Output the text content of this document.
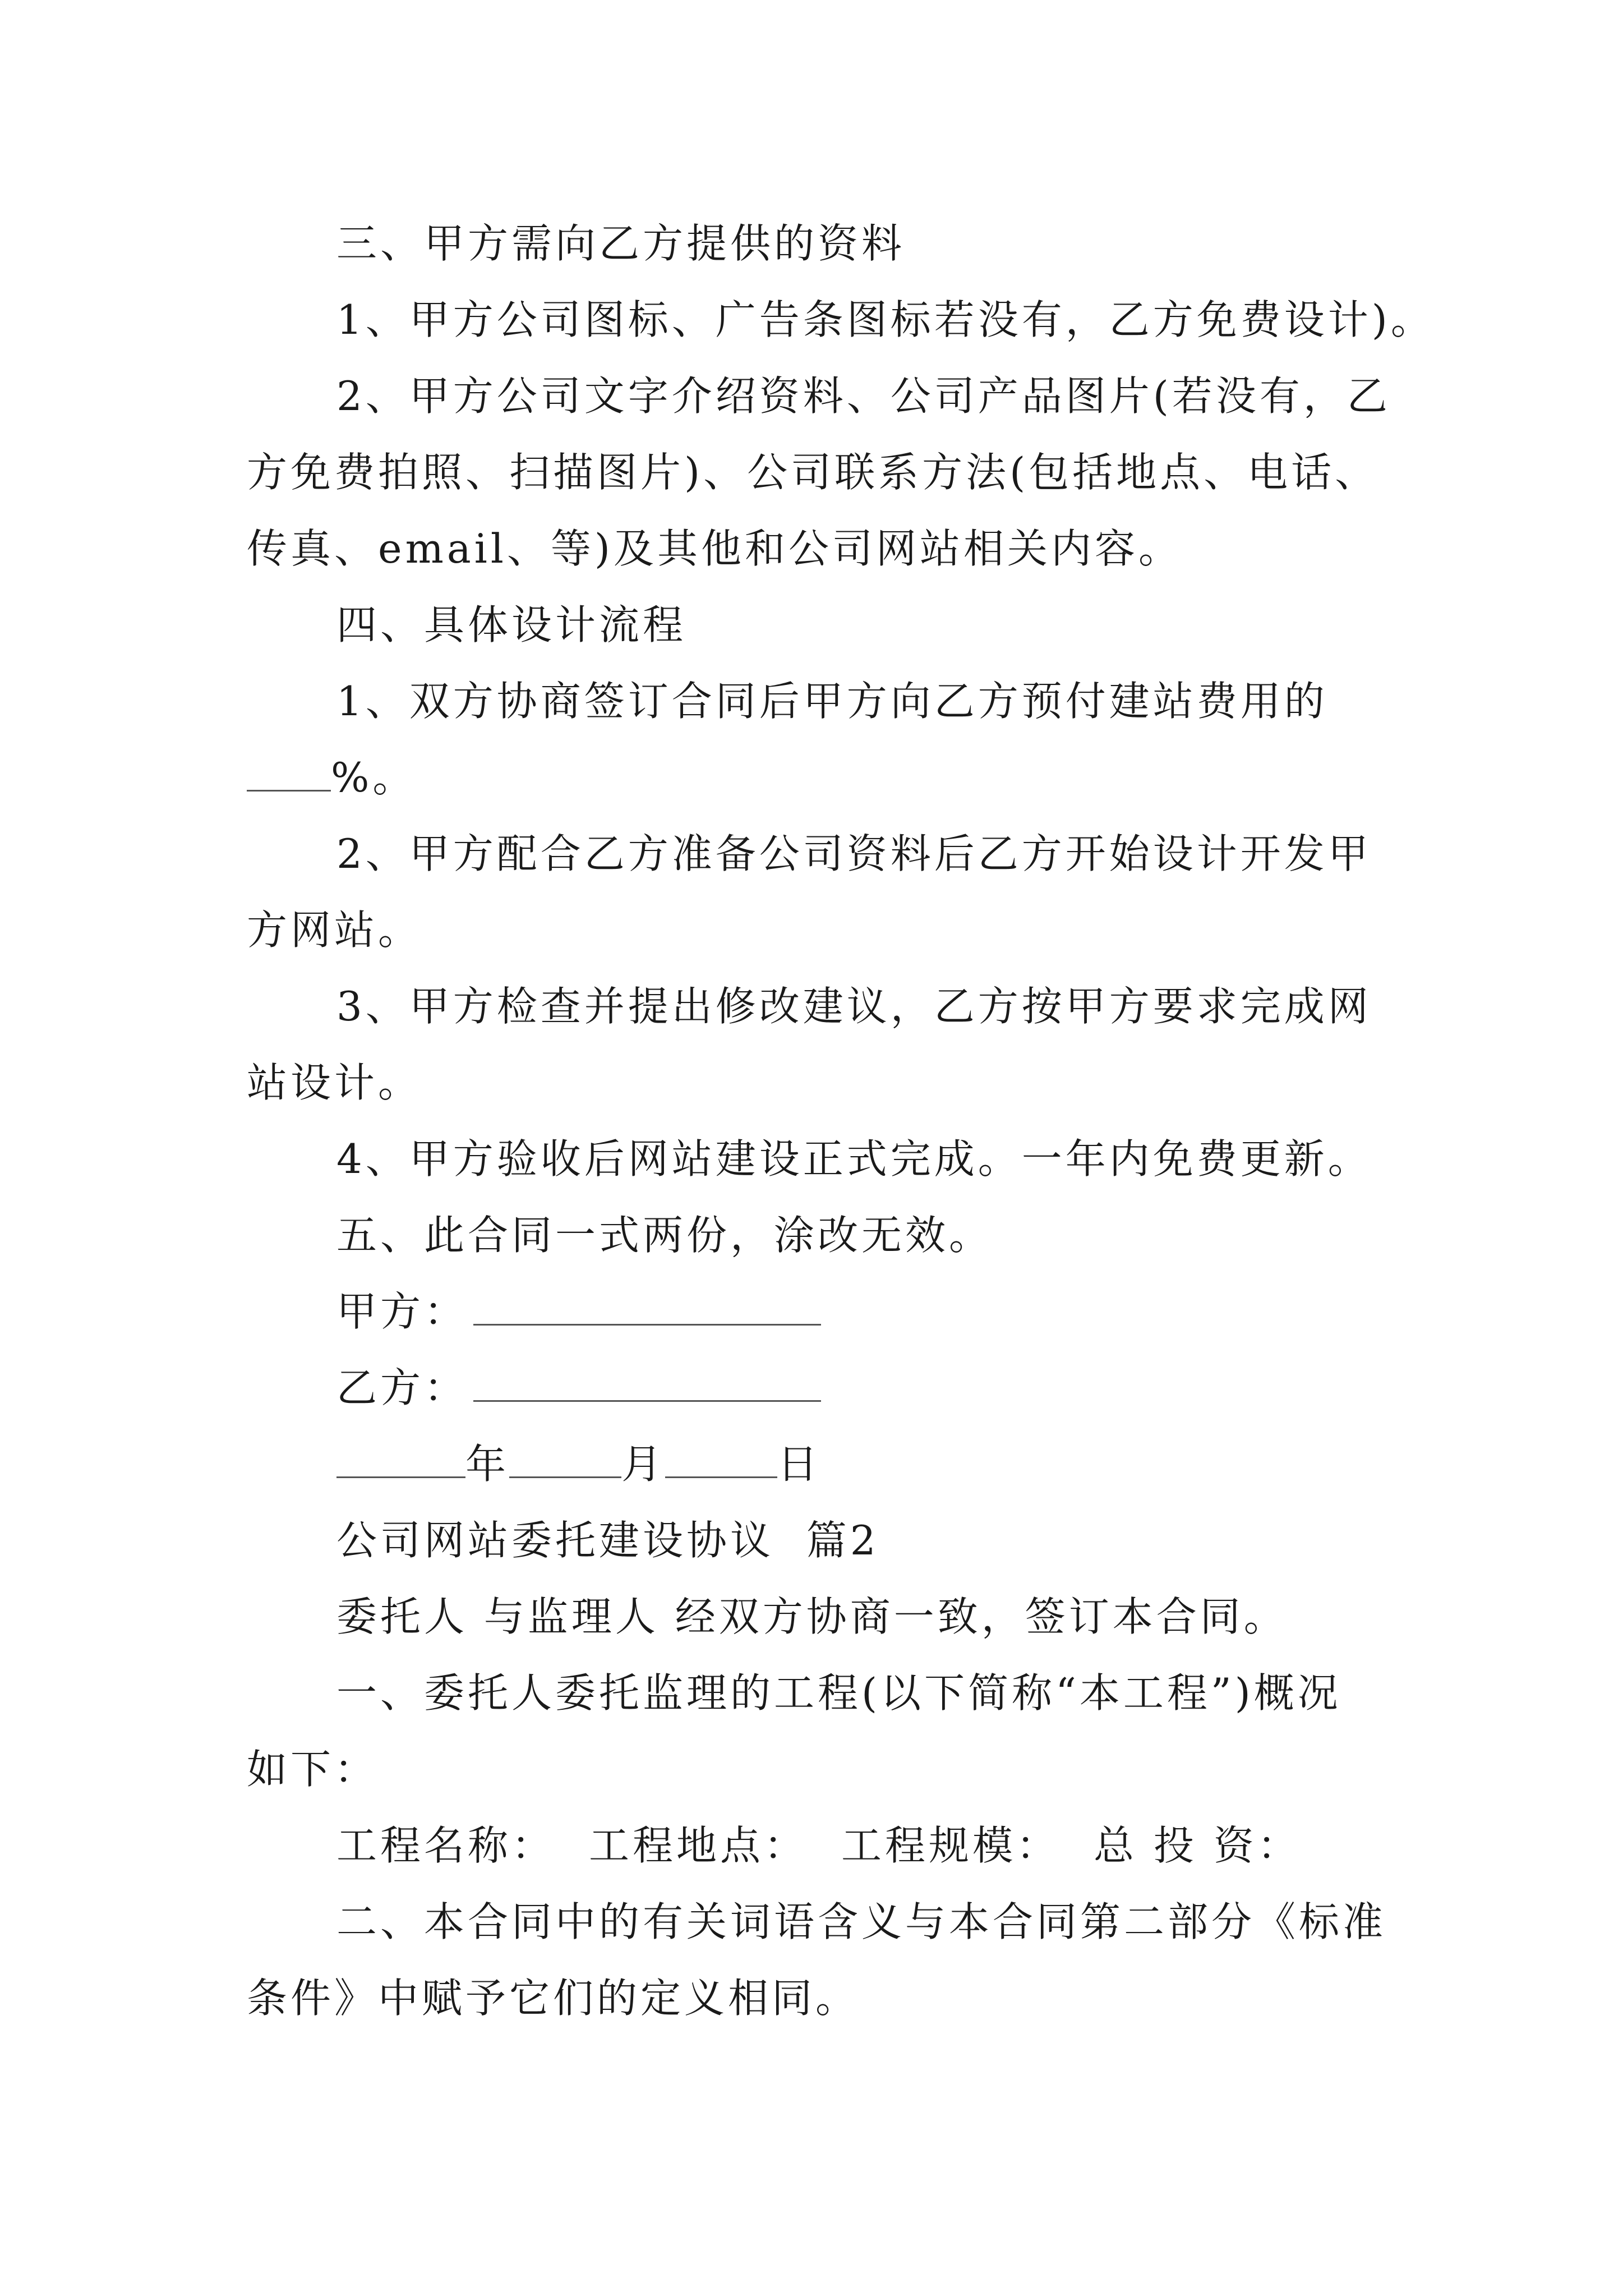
三、甲方需向乙方提供的资料
1、甲方公司图标、广告条图标若没有，乙方免费设计)。
2、甲方公司文字介绍资料、公司产品图片(若没有，乙
方免费拍照、扫描图片)、公司联系方法(包括地点、电话、
传真、email、等)及其他和公司网站相关内容。
四、具体设计流程
1、双方协商签订合同后甲方向乙方预付建站费用的
%。
2、甲方配合乙方准备公司资料后乙方开始设计开发甲
方网站。
3、甲方检查并提出修改建议，乙方按甲方要求完成网
站设计。
4、甲方验收后网站建设正式完成。一年内免费更新。
五、此合同一式两份，涂改无效。
甲方：
乙方：
年	月	日
公司网站委托建设协议  篇2
委托人 与监理人 经双方协商一致，签订本合同。
一、委托人委托监理的工程(以下简称“本工程”)概况
如下：
工程名称： 工程地点： 工程规模： 总 投 资：
二、本合同中的有关词语含义与本合同第二部分《标准
条件》中赋予它们的定义相同。
